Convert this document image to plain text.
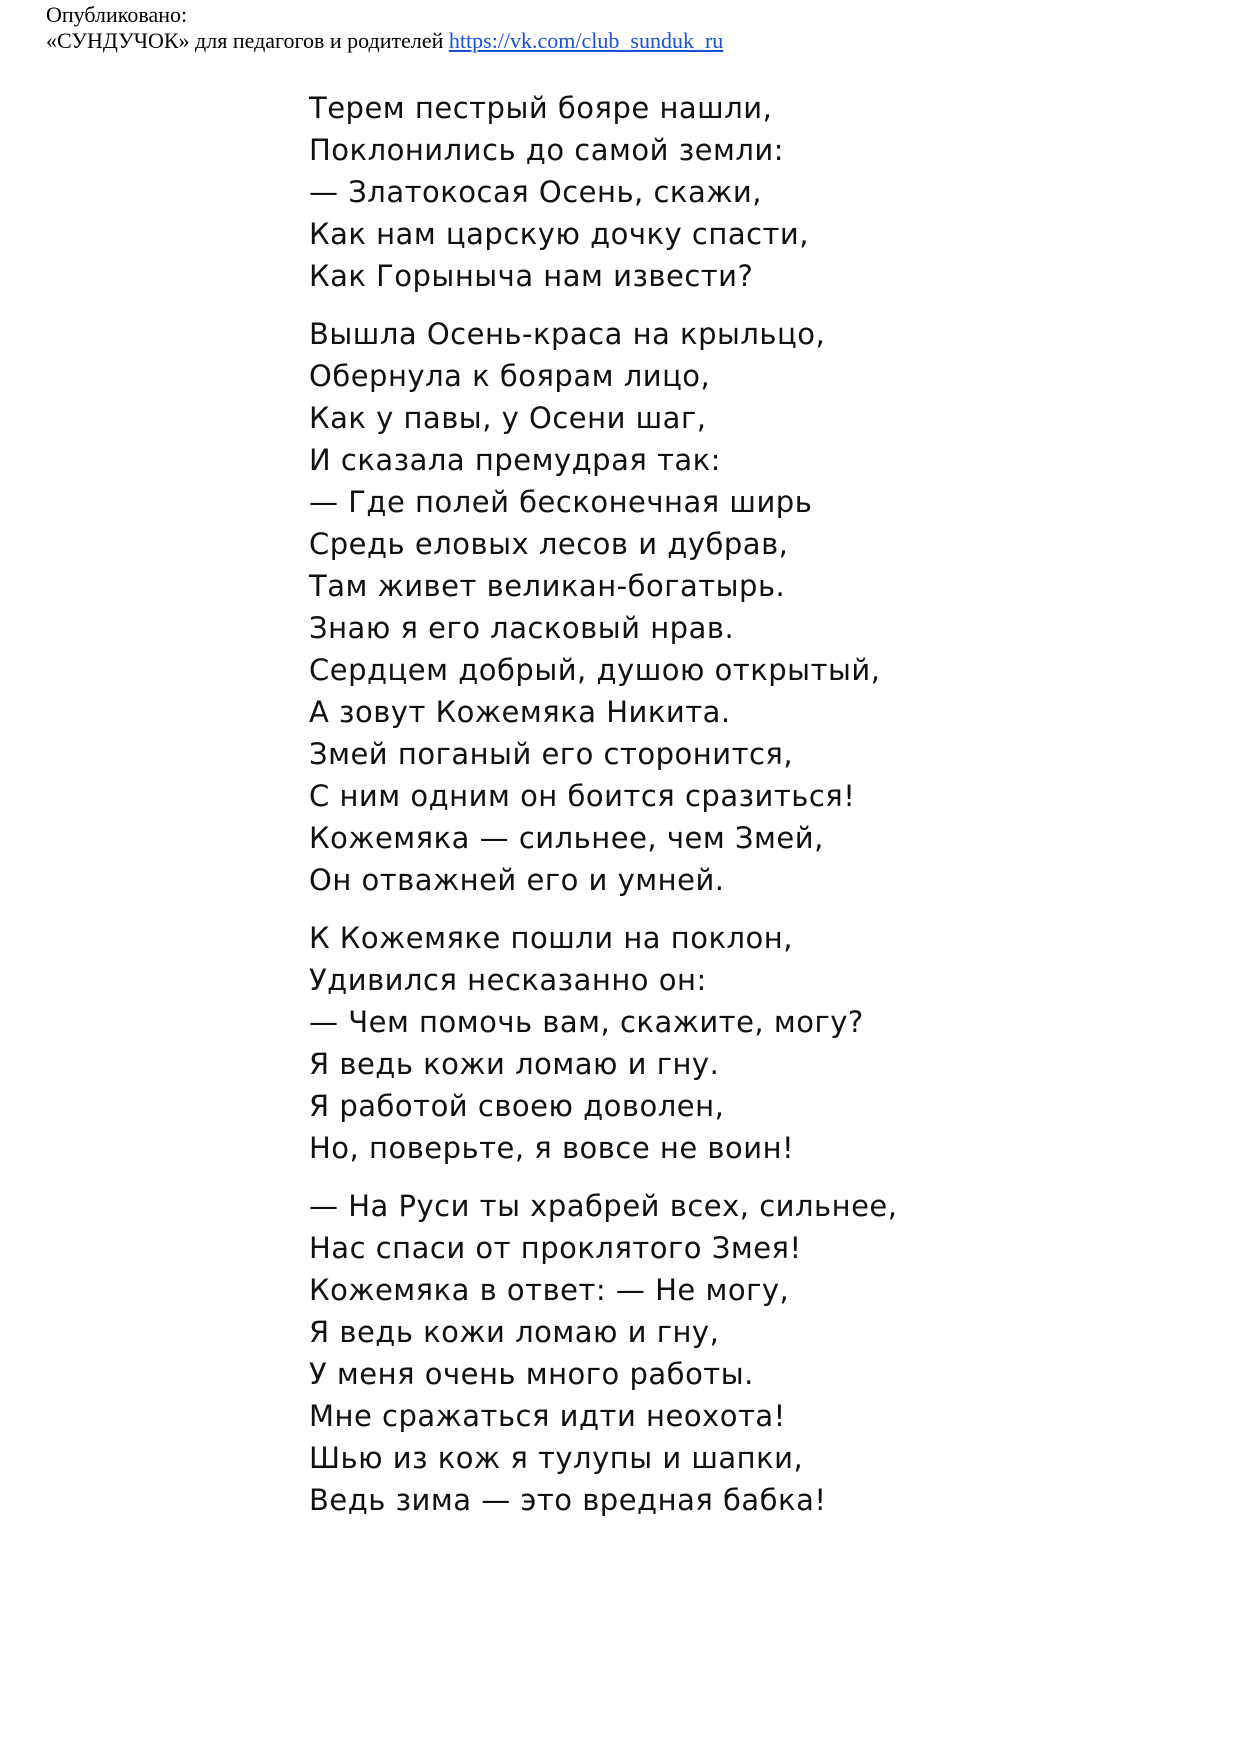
Опубликовано:
«СУНДУЧОК» для педагогов и родителей https://vk.com/club_sunduk_ru
Терем пестрый бояре нашли,
Поклонились до самой земли:
— Златокосая Осень, скажи,
Как нам царскую дочку спасти,
Как Горыныча нам извести?
Вышла Осень-краса на крыльцо,
Обернула к боярам лицо,
Как у павы, у Осени шаг,
И сказала премудрая так:
— Где полей бесконечная ширь
Средь еловых лесов и дубрав,
Там живет великан-богатырь.
Знаю я его ласковый нрав.
Сердцем добрый, душою открытый,
А зовут Кожемяка Никита.
Змей поганый его сторонится,
С ним одним он боится сразиться!
Кожемяка — сильнее, чем Змей,
Он отважней его и умней.
К Кожемяке пошли на поклон,
Удивился несказанно он:
— Чем помочь вам, скажите, могу?
Я ведь кожи ломаю и гну.
Я работой своею доволен,
Но, поверьте, я вовсе не воин!
— На Руси ты храбрей всех, сильнее,
Нас спаси от проклятого Змея!
Кожемяка в ответ: — Не могу,
Я ведь кожи ломаю и гну,
У меня очень много работы.
Мне сражаться идти неохота!
Шью из кож я тулупы и шапки,
Ведь зима — это вредная бабка!
